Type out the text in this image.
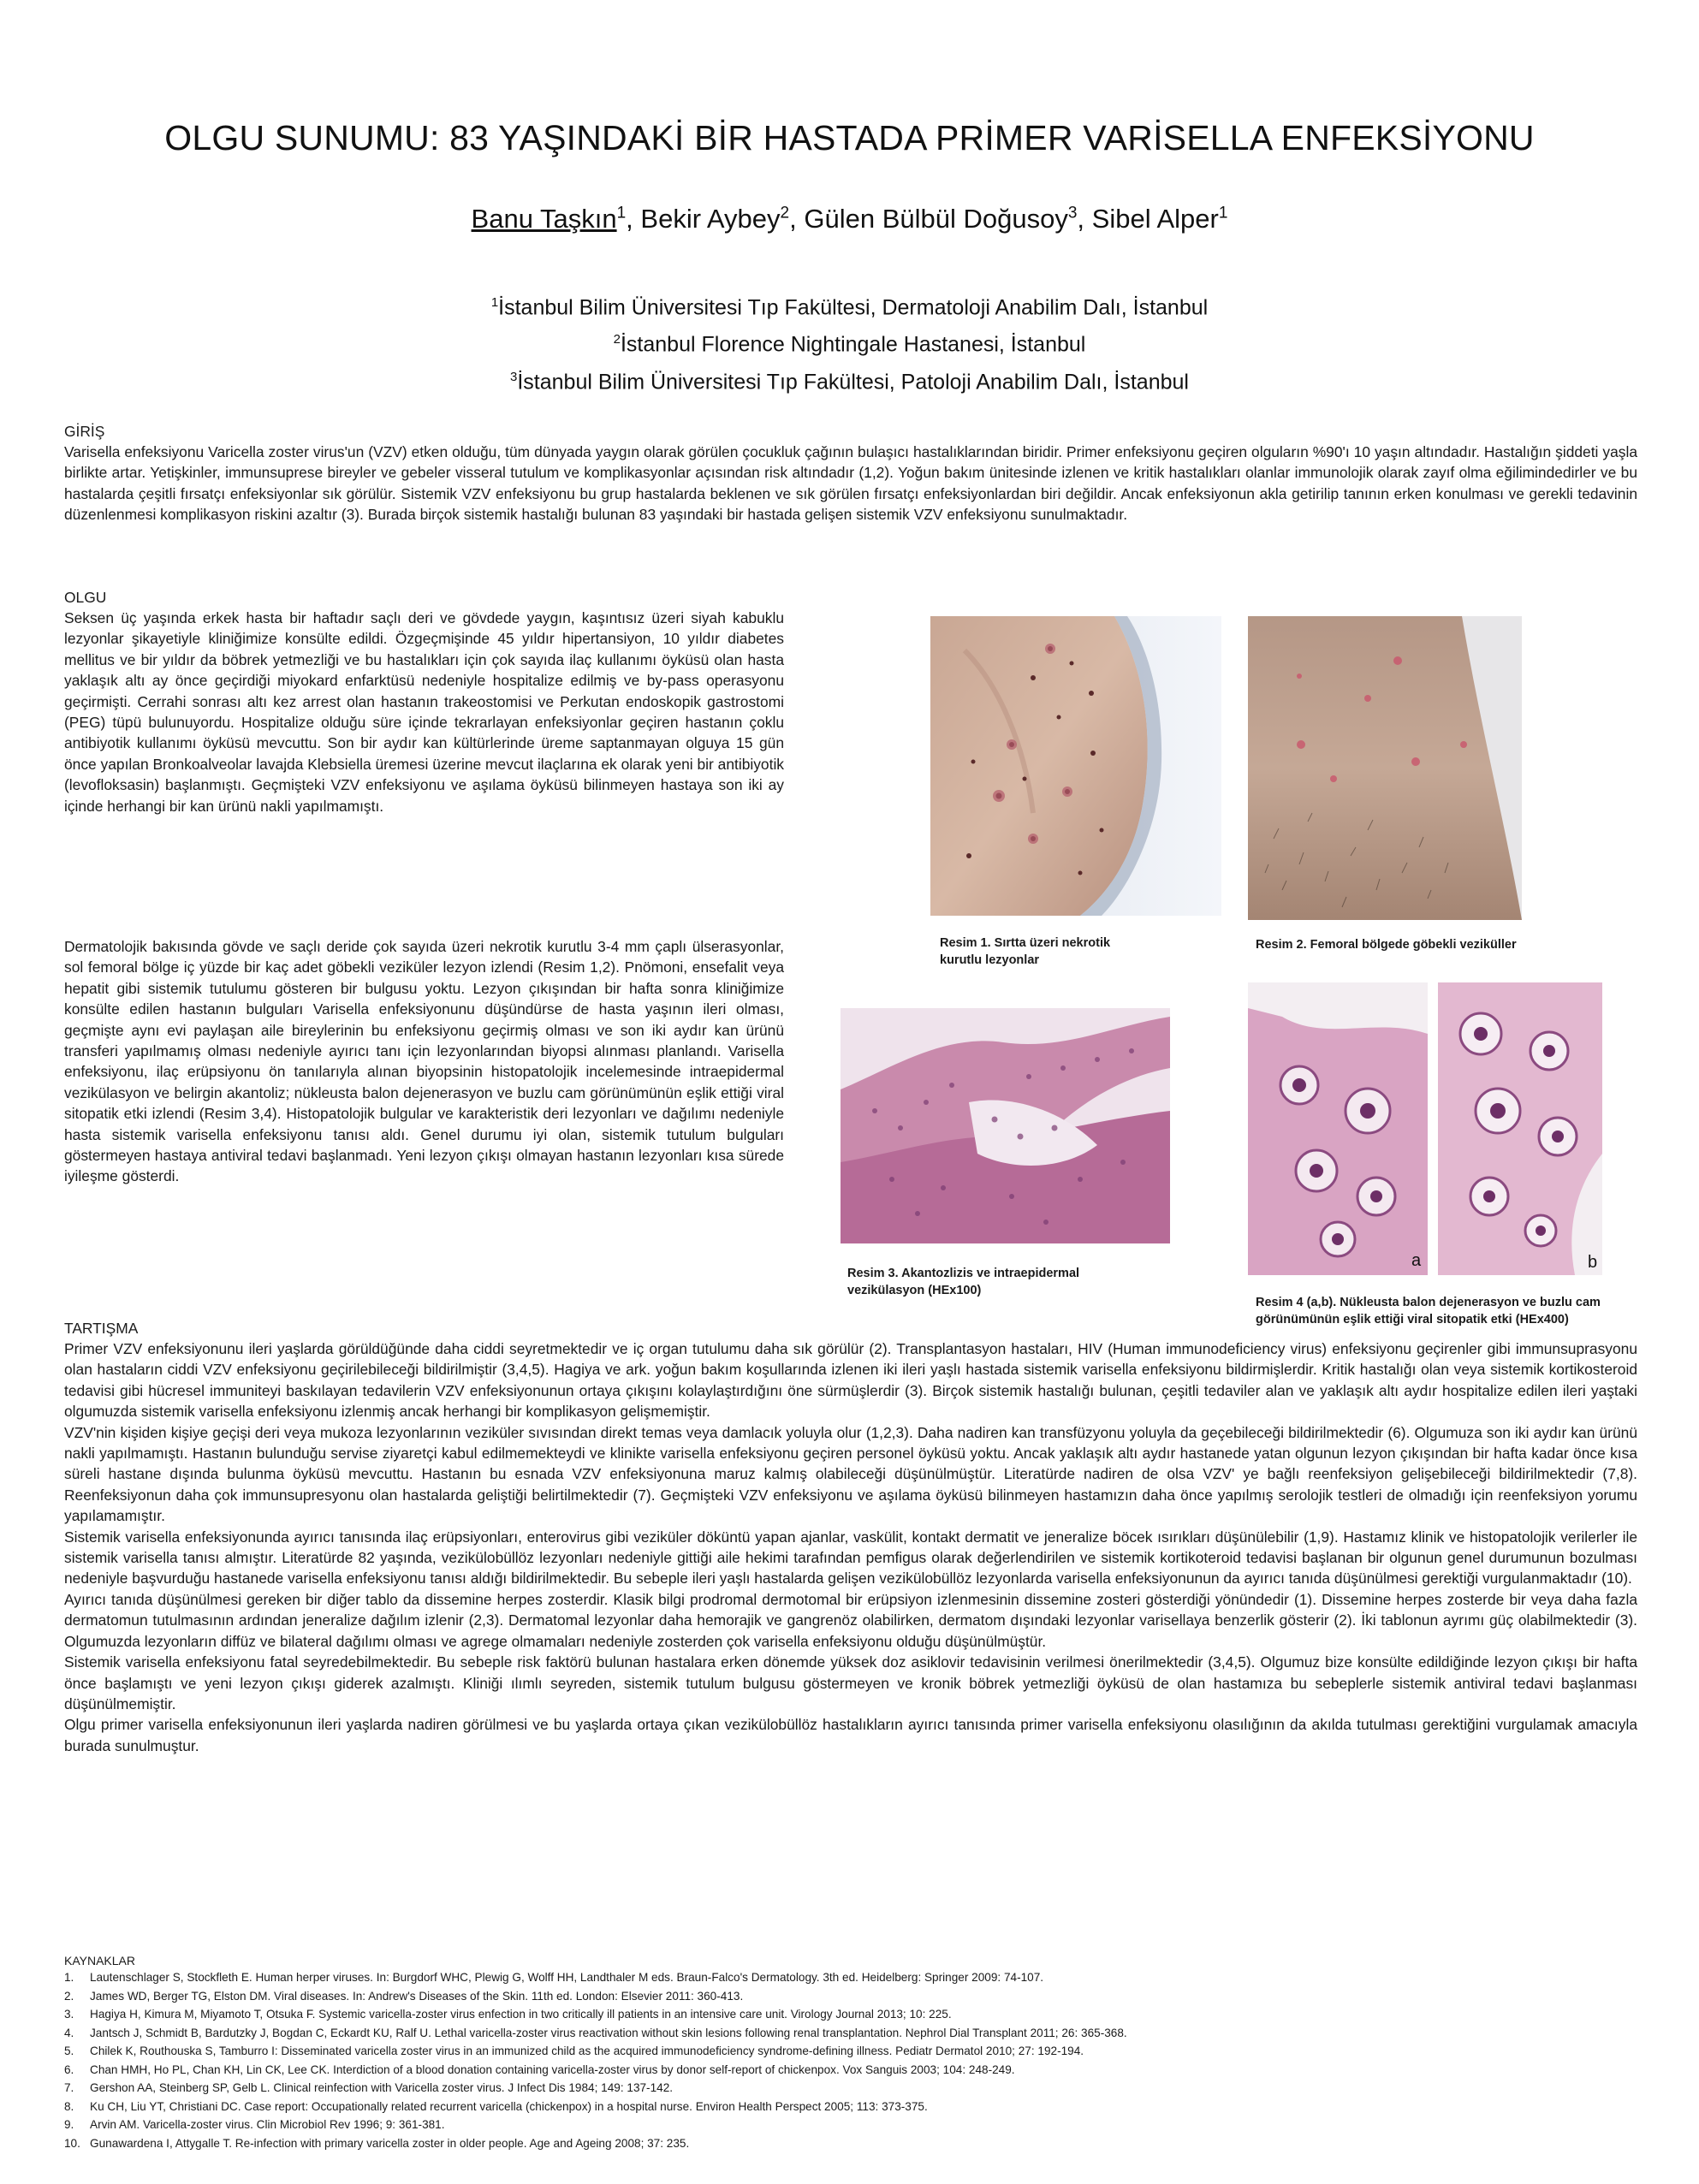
OLGU SUNUMU: 83 YAŞINDAKİ BİR HASTADA PRİMER VARİSELLA ENFEKSİYONU
Banu Taşkın$^1$, Bekir Aybey$^2$, Gülen Bülbül Doğusoy$^3$, Sibel Alper$^1$
$^1$İstanbul Bilim Üniversitesi Tıp Fakültesi, Dermatoloji Anabilim Dalı, İstanbul
$^2$İstanbul Florence Nightingale Hastanesi, İstanbul
$^3$İstanbul Bilim Üniversitesi Tıp Fakültesi, Patoloji Anabilim Dalı, İstanbul
GİRİŞ
Varisella enfeksiyonu Varicella zoster virus'un (VZV) etken olduğu, tüm dünyada yaygın olarak görülen çocukluk çağının bulaşıcı hastalıklarından biridir. Primer enfeksiyonu geçiren olguların %90'ı 10 yaşın altındadır. Hastalığın şiddeti yaşla birlikte artar. Yetişkinler, immunsuprese bireyler ve gebeler visseral tutulum ve komplikasyonlar açısından risk altındadır (1,2). Yoğun bakım ünitesinde izlenen ve kritik hastalıkları olanlar immunolojik olarak zayıf olma eğilimindedirler ve bu hastalarda çeşitli fırsatçı enfeksiyonlar sık görülür. Sistemik VZV enfeksiyonu bu grup hastalarda beklenen ve sık görülen fırsatçı enfeksiyonlardan biri değildir. Ancak enfeksiyonun akla getirilip tanının erken konulması ve gerekli tedavinin düzenlenmesi komplikasyon riskini azaltır (3). Burada birçok sistemik hastalığı bulunan 83 yaşındaki bir hastada gelişen sistemik VZV enfeksiyonu sunulmaktadır.
OLGU
Seksen üç yaşında erkek hasta bir haftadır saçlı deri ve gövdede yaygın, kaşıntısız üzeri siyah kabuklu lezyonlar şikayetiyle kliniğimize konsülte edildi. Özgeçmişinde 45 yıldır hipertansiyon, 10 yıldır diabetes mellitus ve bir yıldır da böbrek yetmezliği ve bu hastalıkları için çok sayıda ilaç kullanımı öyküsü olan hasta yaklaşık altı ay önce geçirdiği miyokard enfarktüsü nedeniyle hospitalize edilmiş ve by-pass operasyonu geçirmişti. Cerrahi sonrası altı kez arrest olan hastanın trakeostomisi ve Perkutan endoskopik gastrostomi (PEG) tüpü bulunuyordu. Hospitalize olduğu süre içinde tekrarlayan enfeksiyonlar geçiren hastanın çoklu antibiyotik kullanımı öyküsü mevcuttu. Son bir aydır kan kültürlerinde üreme saptanmayan olguya 15 gün önce yapılan Bronkoalveolar lavajda Klebsiella üremesi üzerine mevcut ilaçlarına ek olarak yeni bir antibiyotik (levofloksasin) başlanmıştı. Geçmişteki VZV enfeksiyonu ve aşılama öyküsü bilinmeyen hastaya son iki ay içinde herhangi bir kan ürünü nakli yapılmamıştı.
Dermatolojik bakısında gövde ve saçlı deride çok sayıda üzeri nekrotik kurutlu 3-4 mm çaplı ülserasyonlar, sol femoral bölge iç yüzde bir kaç adet göbekli veziküler lezyon izlendi (Resim 1,2). Pnömoni, ensefalit veya hepatit gibi sistemik tutulumu gösteren bir bulgusu yoktu. Lezyon çıkışından bir hafta sonra kliniğimize konsülte edilen hastanın bulguları Varisella enfeksiyonunu düşündürse de hasta yaşının ileri olması, geçmişte aynı evi paylaşan aile bireylerinin bu enfeksiyonu geçirmiş olması ve son iki aydır kan ürünü transferi yapılmamış olması nedeniyle ayırıcı tanı için lezyonlarından biyopsi alınması planlandı. Varisella enfeksiyonu, ilaç erüpsiyonu ön tanılarıyla alınan biyopsinin histopatolojik incelemesinde intraepidermal vezikülasyon ve belirgin akantoliz; nükleusta balon dejenerasyon ve buzlu cam görünümünün eşlik ettiği viral sitopatik etki izlendi (Resim 3,4). Histopatolojik bulgular ve karakteristik deri lezyonları ve dağılımı nedeniyle hasta sistemik varisella enfeksiyonu tanısı aldı. Genel durumu iyi olan, sistemik tutulum bulguları göstermeyen hastaya antiviral tedavi başlanmadı. Yeni lezyon çıkışı olmayan hastanın lezyonları kısa sürede iyileşme gösterdi.
Resim 1. Sırtta üzeri nekrotik kurutlu lezyonlar
Resim 2. Femoral bölgede göbekli veziküller
Resim 3. Akantozlizis ve intraepidermal vezikülasyon (HEx100)
a	b
Resim 4 (a,b). Nükleusta balon dejenerasyon ve buzlu cam görünümünün eşlik ettiği viral sitopatik etki (HEx400)
TARTIŞMA

Primer VZV enfeksiyonunu ileri yaşlarda görüldüğünde daha ciddi seyretmektedir ve iç organ tutulumu daha sık görülür (2). Transplantasyon hastaları, HIV (Human immunodeficiency virus) enfeksiyonu geçirenler gibi immunsuprasyonu olan hastaların ciddi VZV enfeksiyonu geçirilebileceği bildirilmiştir (3,4,5). Hagiya ve ark. yoğun bakım koşullarında izlenen iki ileri yaşlı hastada sistemik varisella enfeksiyonu bildirmişlerdir. Kritik hastalığı olan veya sistemik kortikosteroid tedavisi gibi hücresel immuniteyi baskılayan tedavilerin VZV enfeksiyonunun ortaya çıkışını kolaylaştırdığını öne sürmüşlerdir (3). Birçok sistemik hastalığı bulunan, çeşitli tedaviler alan ve yaklaşık altı aydır hospitalize edilen ileri yaştaki olgumuzda sistemik varisella enfeksiyonu izlenmiş ancak herhangi bir komplikasyon gelişmemiştir.

VZV'nin kişiden kişiye geçişi deri veya mukoza lezyonlarının veziküler sıvısından direkt temas veya damlacık yoluyla olur (1,2,3). Daha nadiren kan transfüzyonu yoluyla da geçebileceği bildirilmektedir (6). Olgumuza son iki aydır kan ürünü nakli yapılmamıştı. Hastanın bulunduğu servise ziyaretçi kabul edilmemekteydi ve klinikte varisella enfeksiyonu geçiren personel öyküsü yoktu. Ancak yaklaşık altı aydır hastanede yatan olgunun lezyon çıkışından bir hafta kadar önce kısa süreli hastane dışında bulunma öyküsü mevcuttu. Hastanın bu esnada VZV enfeksiyonuna maruz kalmış olabileceği düşünülmüştür. Literatürde nadiren de olsa VZV' ye bağlı reenfeksiyon gelişebileceği bildirilmektedir (7,8). Reenfeksiyonun daha çok immunsupresyonu olan hastalarda geliştiği belirtilmektedir (7). Geçmişteki VZV enfeksiyonu ve aşılama öyküsü bilinmeyen hastamızın daha önce yapılmış serolojik testleri de olmadığı için reenfeksiyon yorumu yapılamamıştır.

Sistemik varisella enfeksiyonunda ayırıcı tanısında ilaç erüpsiyonları, enterovirus gibi veziküler döküntü yapan ajanlar, vaskülit, kontakt dermatit ve jeneralize böcek ısırıkları düşünülebilir (1,9). Hastamız klinik ve histopatolojik verilerler ile sistemik varisella tanısı almıştır. Literatürde 82 yaşında, vezikülobüllöz lezyonları nedeniyle gittiği aile hekimi tarafından pemfigus olarak değerlendirilen ve sistemik kortikoteroid tedavisi başlanan bir olgunun genel durumunun bozulması nedeniyle başvurduğu hastanede varisella enfeksiyonu tanısı aldığı bildirilmektedir. Bu sebeple ileri yaşlı hastalarda gelişen vezikülobüllöz lezyonlarda varisella enfeksiyonunun da ayırıcı tanıda düşünülmesi gerektiği vurgulanmaktadır (10).

Ayırıcı tanıda düşünülmesi gereken bir diğer tablo da dissemine herpes zosterdir. Klasik bilgi prodromal dermotomal bir erüpsiyon izlenmesinin dissemine zosteri gösterdiği yönündedir (1). Dissemine herpes zosterde bir veya daha fazla dermatomun tutulmasının ardından jeneralize dağılım izlenir (2,3). Dermatomal lezyonlar daha hemorajik ve gangrenöz olabilirken, dermatom dışındaki lezyonlar varisellaya benzerlik gösterir (2). İki tablonun ayrımı güç olabilmektedir (3). Olgumuzda lezyonların diffüz ve bilateral dağılımı olması ve agrege olmamaları nedeniyle zosterden çok varisella enfeksiyonu olduğu düşünülmüştür.

Sistemik varisella enfeksiyonu fatal seyredebilmektedir. Bu sebeple risk faktörü bulunan hastalara erken dönemde yüksek doz asiklovir tedavisinin verilmesi önerilmektedir (3,4,5). Olgumuz bize konsülte edildiğinde lezyon çıkışı bir hafta önce başlamıştı ve yeni lezyon çıkışı giderek azalmıştı. Kliniği ılımlı seyreden, sistemik tutulum bulgusu göstermeyen ve kronik böbrek yetmezliği öyküsü de olan hastamıza bu sebeplerle sistemik antiviral tedavi başlanması düşünülmemiştir.

Olgu primer varisella enfeksiyonunun ileri yaşlarda nadiren görülmesi ve bu yaşlarda ortaya çıkan vezikülobüllöz hastalıkların ayırıcı tanısında primer varisella enfeksiyonu olasılığının da akılda tutulması gerektiğini vurgulamak amacıyla burada sunulmuştur.

KAYNAKLAR
1. Lautenschlager S, Stockfleth E. Human herper viruses. In: Burgdorf WHC, Plewig G, Wolff HH, Landthaler M eds. Braun-Falco's Dermatology. 3th ed. Heidelberg: Springer 2009: 74-107.
2. James WD, Berger TG, Elston DM. Viral diseases. In: Andrew's Diseases of the Skin. 11th ed. London: Elsevier 2011: 360-413.
3. Hagiya H, Kimura M, Miyamoto T, Otsuka F. Systemic varicella-zoster virus enfection in two critically ill patients in an intensive care unit. Virology Journal 2013; 10: 225.
4. Jantsch J, Schmidt B, Bardutzky J, Bogdan C, Eckardt KU, Ralf U. Lethal varicella-zoster virus reactivation without skin lesions following renal transplantation. Nephrol Dial Transplant 2011; 26: 365-368.
5. Chilek K, Routhouska S, Tamburro I: Disseminated varicella zoster virus in an immunized child as the acquired immunodeficiency syndrome-defining illness. Pediatr Dermatol 2010; 27: 192-194.
6. Chan HMH, Ho PL, Chan KH, Lin CK, Lee CK. Interdiction of a blood donation containing varicella-zoster virus by donor self-report of chickenpox. Vox Sanguis 2003; 104: 248-249.
7. Gershon AA, Steinberg SP, Gelb L. Clinical reinfection with Varicella zoster virus. J Infect Dis 1984; 149: 137-142.
8. Ku CH, Liu YT, Christiani DC. Case report: Occupationally related recurrent varicella (chickenpox) in a hospital nurse. Environ Health Perspect 2005; 113: 373-375.
9. Arvin AM. Varicella-zoster virus. Clin Microbiol Rev 1996; 9: 361-381.
10. Gunawardena I, Attygalle T. Re-infection with primary varicella zoster in older people. Age and Ageing 2008; 37: 235.
